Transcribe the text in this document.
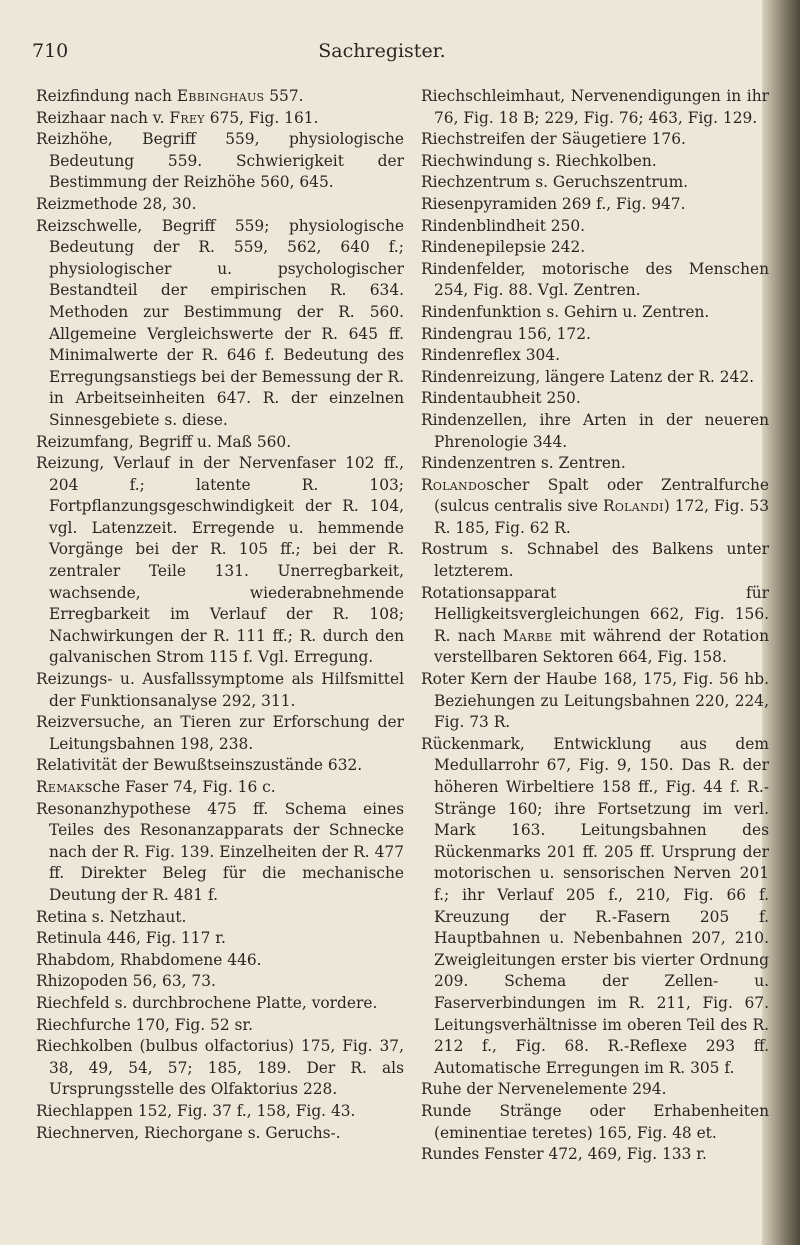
710	Sachregister.

Reizfindung nach Ebbinghaus 557.

Reizhaar nach v. Frey 675, Fig. 161.

Reizhöhe, Begriff 559, physiologische Bedeutung 559. Schwierigkeit der Bestimmung der Reizhöhe 560, 645.

Reizmethode 28, 30.

Reizschwelle, Begriff 559; physiologische Bedeutung der R. 559, 562, 640 f.; physiologischer u. psychologischer Bestandteil der empirischen R. 634. Methoden zur Bestimmung der R. 560. Allgemeine Vergleichswerte der R. 645 ff. Minimalwerte der R. 646 f. Bedeutung des Erregungsanstiegs bei der Bemessung der R. in Arbeitseinheiten 647. R. der einzelnen Sinnesgebiete s. diese.

Reizumfang, Begriff u. Maß 560.

Reizung, Verlauf in der Nervenfaser 102 ff., 204 f.; latente R. 103; Fortpflanzungsgeschwindigkeit der R. 104, vgl. Latenzzeit. Erregende u. hemmende Vorgänge bei der R. 105 ff.; bei der R. zentraler Teile 131. Unerregbarkeit, wachsende, wiederabnehmende Erregbarkeit im Verlauf der R. 108; Nachwirkungen der R. 111 ff.; R. durch den galvanischen Strom 115 f. Vgl. Erregung.

Reizungs- u. Ausfallssymptome als Hilfsmittel der Funktionsanalyse 292, 311.

Reizversuche, an Tieren zur Erforschung der Leitungsbahnen 198, 238.

Relativität der Bewußtseinszustände 632.

Remaksche Faser 74, Fig. 16 c.

Resonanzhypothese 475 ff. Schema eines Teiles des Resonanzapparats der Schnecke nach der R. Fig. 139. Einzelheiten der R. 477 ff. Direkter Beleg für die mechanische Deutung der R. 481 f.

Retina s. Netzhaut.

Retinula 446, Fig. 117 r.

Rhabdom, Rhabdomene 446.

Rhizopoden 56, 63, 73.

Riechfeld s. durchbrochene Platte, vordere.

Riechfurche 170, Fig. 52 sr.

Riechkolben (bulbus olfactorius) 175, Fig. 37, 38, 49, 54, 57; 185, 189. Der R. als Ursprungsstelle des Olfaktorius 228.

Riechlappen 152, Fig. 37 f., 158, Fig. 43.

Riechnerven, Riechorgane s. Geruchs-.

Riechschleimhaut, Nervenendigungen in ihr 76, Fig. 18 B; 229, Fig. 76; 463, Fig. 129.

Riechstreifen der Säugetiere 176.

Riechwindung s. Riechkolben.

Riechzentrum s. Geruchszentrum.

Riesenpyramiden 269 f., Fig. 947.

Rindenblindheit 250.

Rindenepilepsie 242.

Rindenfelder, motorische des Menschen 254, Fig. 88. Vgl. Zentren.

Rindenfunktion s. Gehirn u. Zentren.

Rindengrau 156, 172.

Rindenreflex 304.

Rindenreizung, längere Latenz der R. 242.

Rindentaubheit 250.

Rindenzellen, ihre Arten in der neueren Phrenologie 344.

Rindenzentren s. Zentren.

Rolandoscher Spalt oder Zentralfurche (sulcus centralis sive Rolandi) 172, Fig. 53 R. 185, Fig. 62 R.

Rostrum s. Schnabel des Balkens unter letzterem.

Rotationsapparat für Helligkeitsvergleichungen 662, Fig. 156. R. nach Marbe mit während der Rotation verstellbaren Sektoren 664, Fig. 158.

Roter Kern der Haube 168, 175, Fig. 56 hb. Beziehungen zu Leitungsbahnen 220, 224, Fig. 73 R.

Rückenmark, Entwicklung aus dem Medullarrohr 67, Fig. 9, 150. Das R. der höheren Wirbeltiere 158 ff., Fig. 44 f. R.-Stränge 160; ihre Fortsetzung im verl. Mark 163. Leitungsbahnen des Rückenmarks 201 ff. 205 ff. Ursprung der motorischen u. sensorischen Nerven 201 f.; ihr Verlauf 205 f., 210, Fig. 66 f. Kreuzung der R.-Fasern 205 f. Hauptbahnen u. Nebenbahnen 207, 210. Zweigleitungen erster bis vierter Ordnung 209. Schema der Zellen- u. Faserverbindungen im R. 211, Fig. 67. Leitungsverhältnisse im oberen Teil des R. 212 f., Fig. 68. R.-Reflexe 293 ff. Automatische Erregungen im R. 305 f.

Ruhe der Nervenelemente 294.

Runde Stränge oder Erhabenheiten (eminentiae teretes) 165, Fig. 48 et.

Rundes Fenster 472, 469, Fig. 133 r.
